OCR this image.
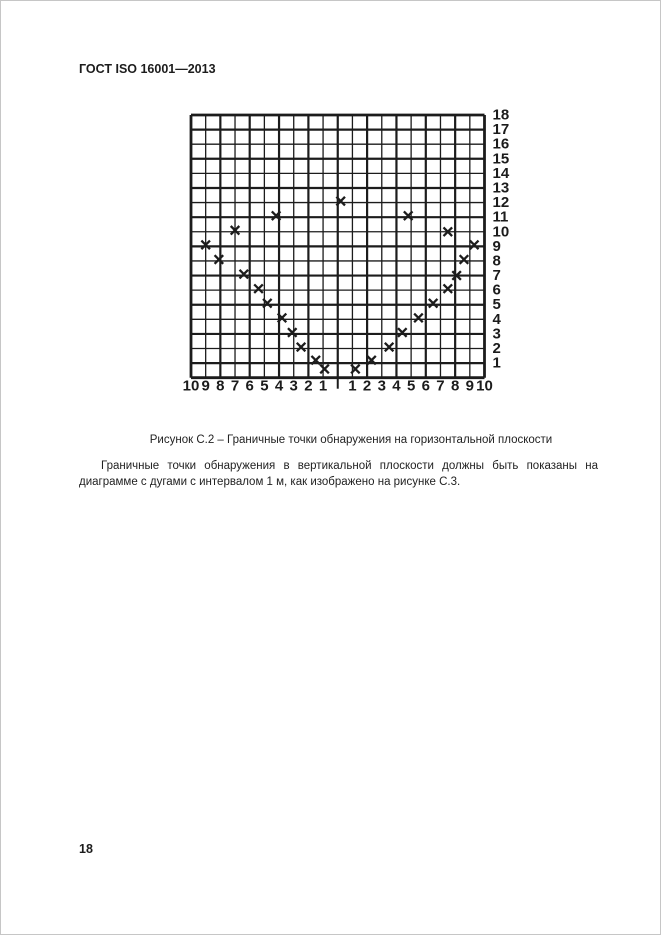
ГОСТ ISO 16001—2013
10 9 8 7 6 5 4 3 2 1 1 2 3 4 5 6 7 8 9 10
18
17
16
15
14
13
12
11
10
9
8
7
6
5
4
3
2
1
Рисунок С.2 – Граничные точки обнаружения на горизонтальной плоскости
Граничные точки обнаружения в вертикальной плоскости должны быть показаны на диаграмме с дугами с интервалом 1 м, как изображено на рисунке С.3.
18
